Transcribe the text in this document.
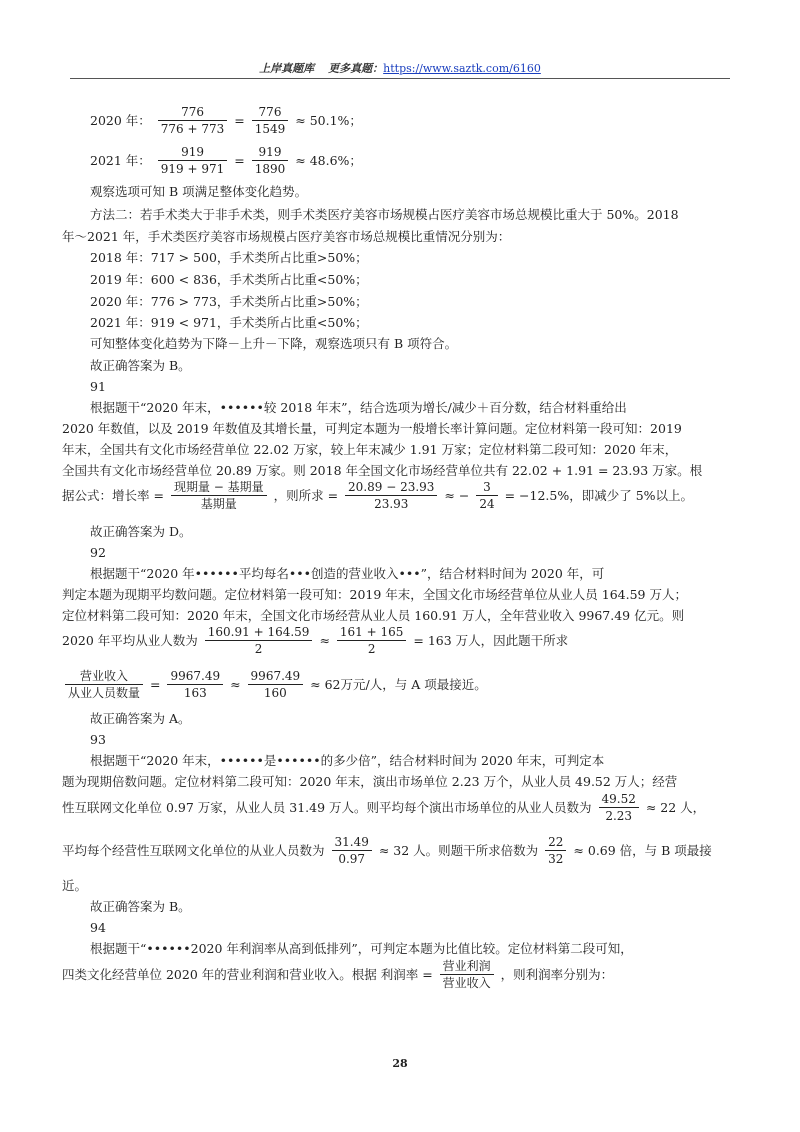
上岸真题库 更多真题：https://www.saztk.com/6160
2020 年： $\frac{776}{776 + 773} = \frac{776}{1549} \approx 50.1\%$；
2021 年： $\frac{919}{919 + 971} = \frac{919}{1890} \approx 48.6\%$；
观察选项可知 B 项满足整体变化趋势。
方法二：若手术类大于非手术类，则手术类医疗美容市场规模占医疗美容市场总规模比重大于 50%。2018
年～2021 年，手术类医疗美容市场规模占医疗美容市场总规模比重情况分别为：
2018 年：717 > 500，手术类所占比重>50%；
2019 年：600 < 836，手术类所占比重<50%；
2020 年：776 > 773，手术类所占比重>50%；
2021 年：919 < 971，手术类所占比重<50%；
可知整体变化趋势为下降－上升－下降，观察选项只有 B 项符合。
故正确答案为 B。
91
根据题干“2020 年末，••••••较 2018 年末”，结合选项为增长/减少＋百分数，结合材料重给出
2020 年数值，以及 2019 年数值及其增长量，可判定本题为一般增长率计算问题。定位材料第一段可知：2019
年末，全国共有文化市场经营单位 22.02 万家，较上年末减少 1.91 万家；定位材料第二段可知：2020 年末，
全国共有文化市场经营单位 20.89 万家。则 2018 年全国文化市场经营单位共有 22.02 + 1.91 = 23.93 万家。根
据公式：增长率 = $\frac{\text{现期量 − 基期量}}{\text{基期量}}$ ，则所求 = $\frac{20.89 - 23.93}{23.93}$ ≈ − $\frac{3}{24} = -12.5\%$，即减少了 5%以上。
故正确答案为 D。
92
根据题干“2020 年••••••平均每名•••创造的营业收入•••”，结合材料时间为 2020 年，可
判定本题为现期平均数问题。定位材料第一段可知：2019 年末，全国文化市场经营单位从业人员 164.59 万人；
定位材料第二段可知：2020 年末，全国文化市场经营从业人员 160.91 万人，全年营业收入 9967.49 亿元。则
2020 年平均从业人数为 $\frac{160.91 + 164.59}{2} \approx \frac{161 + 165}{2} = 163$ 万人，因此题干所求
$\frac{\text{营业收入}}{\text{从业人员数量}} = \frac{9967.49}{163} \approx \frac{9967.49}{160} \approx 62$万元/人，与 A 项最接近。
故正确答案为 A。
93
根据题干“2020 年末，••••••是••••••的多少倍”，结合材料时间为 2020 年末，可判定本
题为现期倍数问题。定位材料第二段可知：2020 年末，演出市场单位 2.23 万个，从业人员 49.52 万人；经营
性互联网文化单位 0.97 万家，从业人员 31.49 万人。则平均每个演出市场单位的从业人员数为 $\frac{49.52}{2.23} \approx 22$ 人，
平均每个经营性互联网文化单位的从业人员数为 $\frac{31.49}{0.97} \approx 32$ 人。则题干所求倍数为 $\frac{22}{32} \approx 0.69$ 倍，与 B 项最接
近。
故正确答案为 B。
94
根据题干“••••••2020 年利润率从高到低排列”，可判定本题为比值比较。定位材料第二段可知，
四类文化经营单位 2020 年的营业利润和营业收入。根据 利润率 = $\frac{\text{营业利润}}{\text{营业收入}}$ ，则利润率分别为：
28
